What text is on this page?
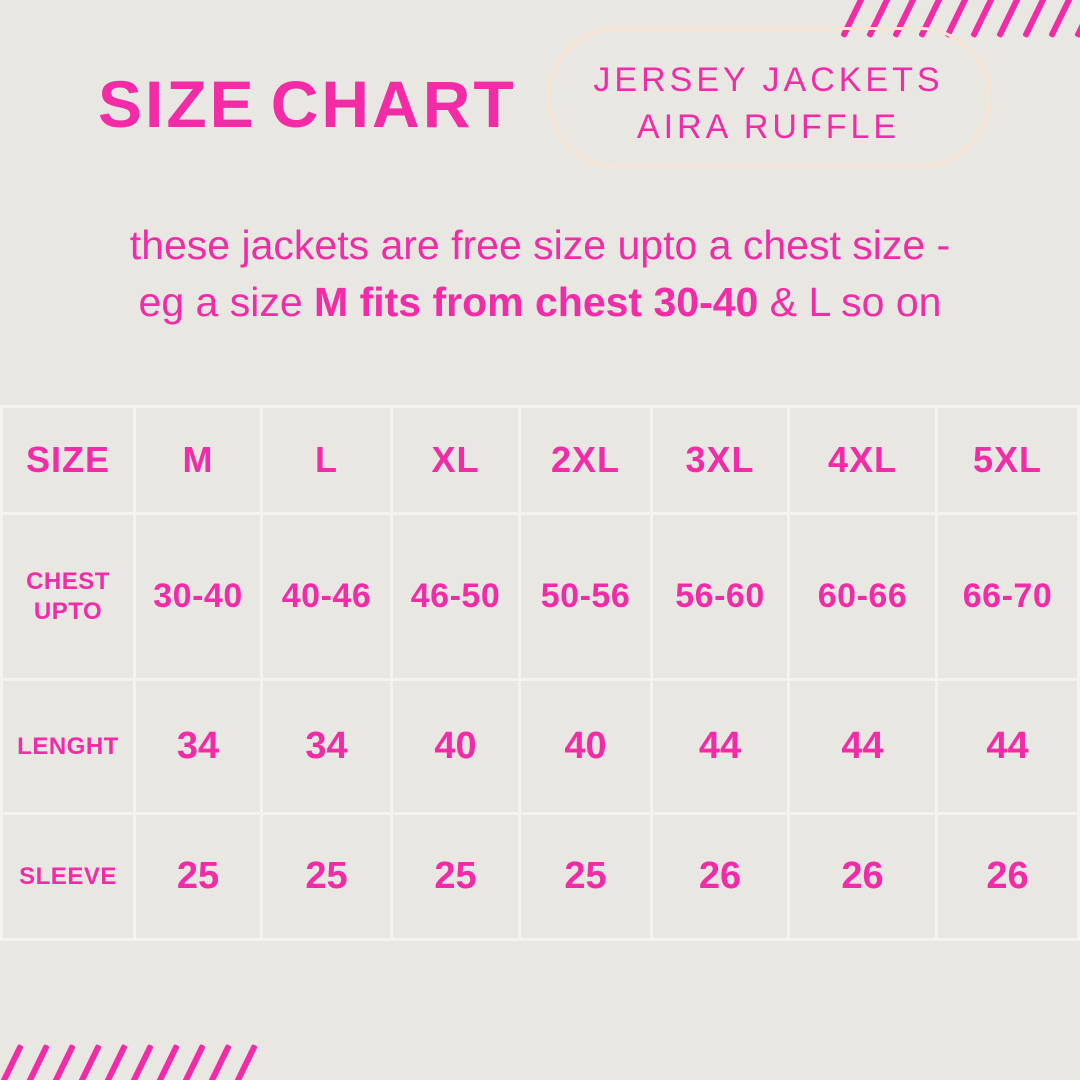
SIZE CHART JERSEY JACKETS
AIRA RUFFLE
these jackets are free size upto a chest size -
eg a size M fits from chest 30-40 & L so on
SIZE	M	L	XL	2XL	3XL	4XL	5XL
CHEST UPTO	30-40	40-46	46-50	50-56	56-60	60-66	66-70
LENGHT	34	34	40	40	44	44	44
SLEEVE	25	25	25	25	26	26	26
